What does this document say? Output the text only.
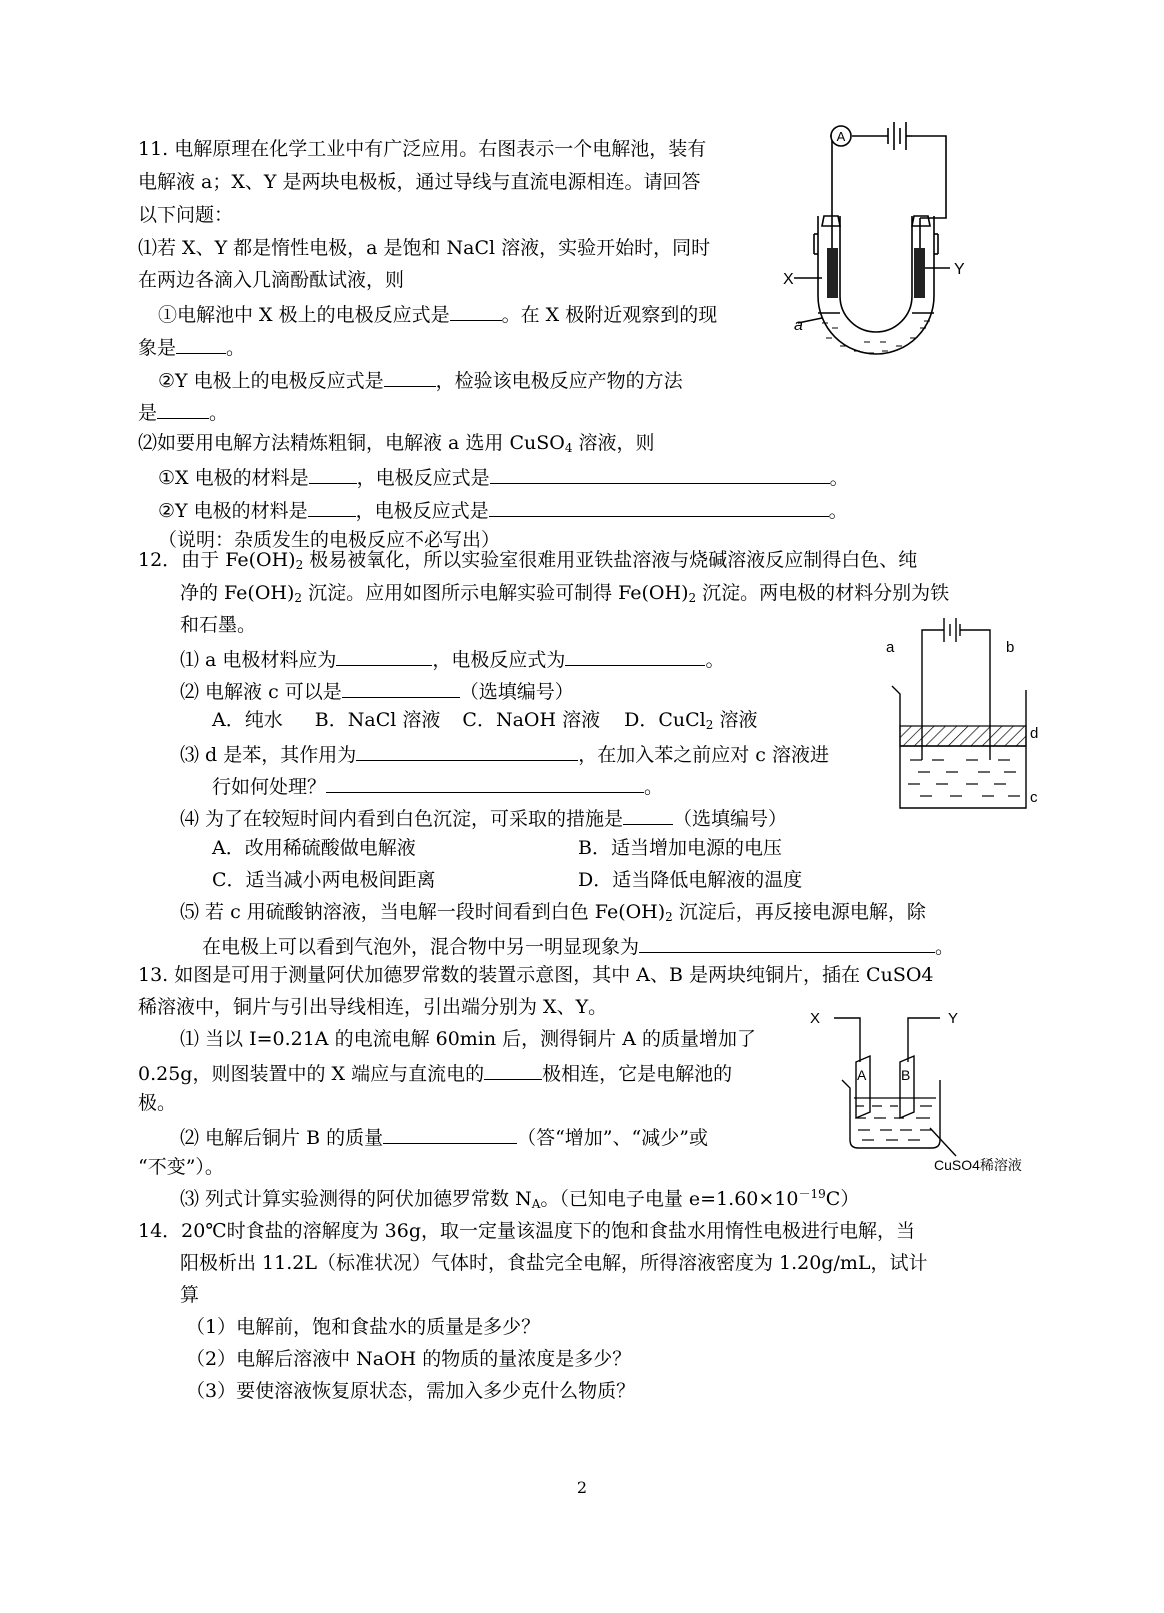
11. 电解原理在化学工业中有广泛应用。右图表示一个电解池，装有
电解液 a；X、Y 是两块电极板，通过导线与直流电源相连。请回答
以下问题：
⑴若 X、Y 都是惰性电极，a 是饱和 NaCl 溶液，实验开始时，同时
在两边各滴入几滴酚酞试液，则
①电解池中 X 极上的电极反应式是	。在 X 极附近观察到的现
象是	。
②Y 电极上的电极反应式是	，检验该电极反应产物的方法
是	。
⑵如要用电解方法精炼粗铜，电解液 a 选用 CuSO$_4$ 溶液，则
①X 电极的材料是	，电极反应式是	。
②Y 电极的材料是	，电极反应式是	。
（说明：杂质发生的电极反应不必写出）
A
X
Y
a
12．由于 $Fe(OH)_2$ 极易被氧化，所以实验室很难用亚铁盐溶液与烧碱溶液反应制得白色、纯
净的 $Fe(OH)_2$ 沉淀。应用如图所示电解实验可制得 $Fe(OH)_2$ 沉淀。两电极的材料分别为铁
和石墨。
⑴ a 电极材料应为	，电极反应式为	。
⑵ 电解液 c 可以是	（选填编号）
A．纯水 B．NaCl 溶液 C．NaOH 溶液 D．CuCl$_2$ 溶液
⑶ d 是苯，其作用为	，在加入苯之前应对 c 溶液进
行如何处理？	。
⑷ 为了在较短时间内看到白色沉淀，可采取的措施是	（选填编号）
A．改用稀硫酸做电解液	B．适当增加电源的电压
C．适当减小两电极间距离	D．适当降低电解液的温度
⑸ 若 c 用硫酸钠溶液，当电解一段时间看到白色 $Fe(OH)_2$ 沉淀后，再反接电源电解，除
在电极上可以看到气泡外，混合物中另一明显现象为	。
a	b
d
c
13. 如图是可用于测量阿伏加德罗常数的装置示意图，其中 A、B 是两块纯铜片，插在 CuSO4
稀溶液中，铜片与引出导线相连，引出端分别为 X、Y。
⑴ 当以 I=0.21A 的电流电解 60min 后，测得铜片 A 的质量增加了
0.25g，则图装置中的 X 端应与直流电的	极相连，它是电解池的
极。
⑵ 电解后铜片 B 的质量	（答“增加”、“减少”或
“不变”）。
⑶ 列式计算实验测得的阿伏加德罗常数 $N_A$。（已知电子电量 $e=1.60\times 10^{-19}C$）
X	Y
A B
CuSO4稀溶液
14．20℃时食盐的溶解度为 36g，取一定量该温度下的饱和食盐水用惰性电极进行电解，当
阳极析出 11.2L（标准状况）气体时，食盐完全电解，所得溶液密度为 1.20g/mL，试计
算
（1）电解前，饱和食盐水的质量是多少？
（2）电解后溶液中 NaOH 的物质的量浓度是多少？
（3）要使溶液恢复原状态，需加入多少克什么物质？
2
